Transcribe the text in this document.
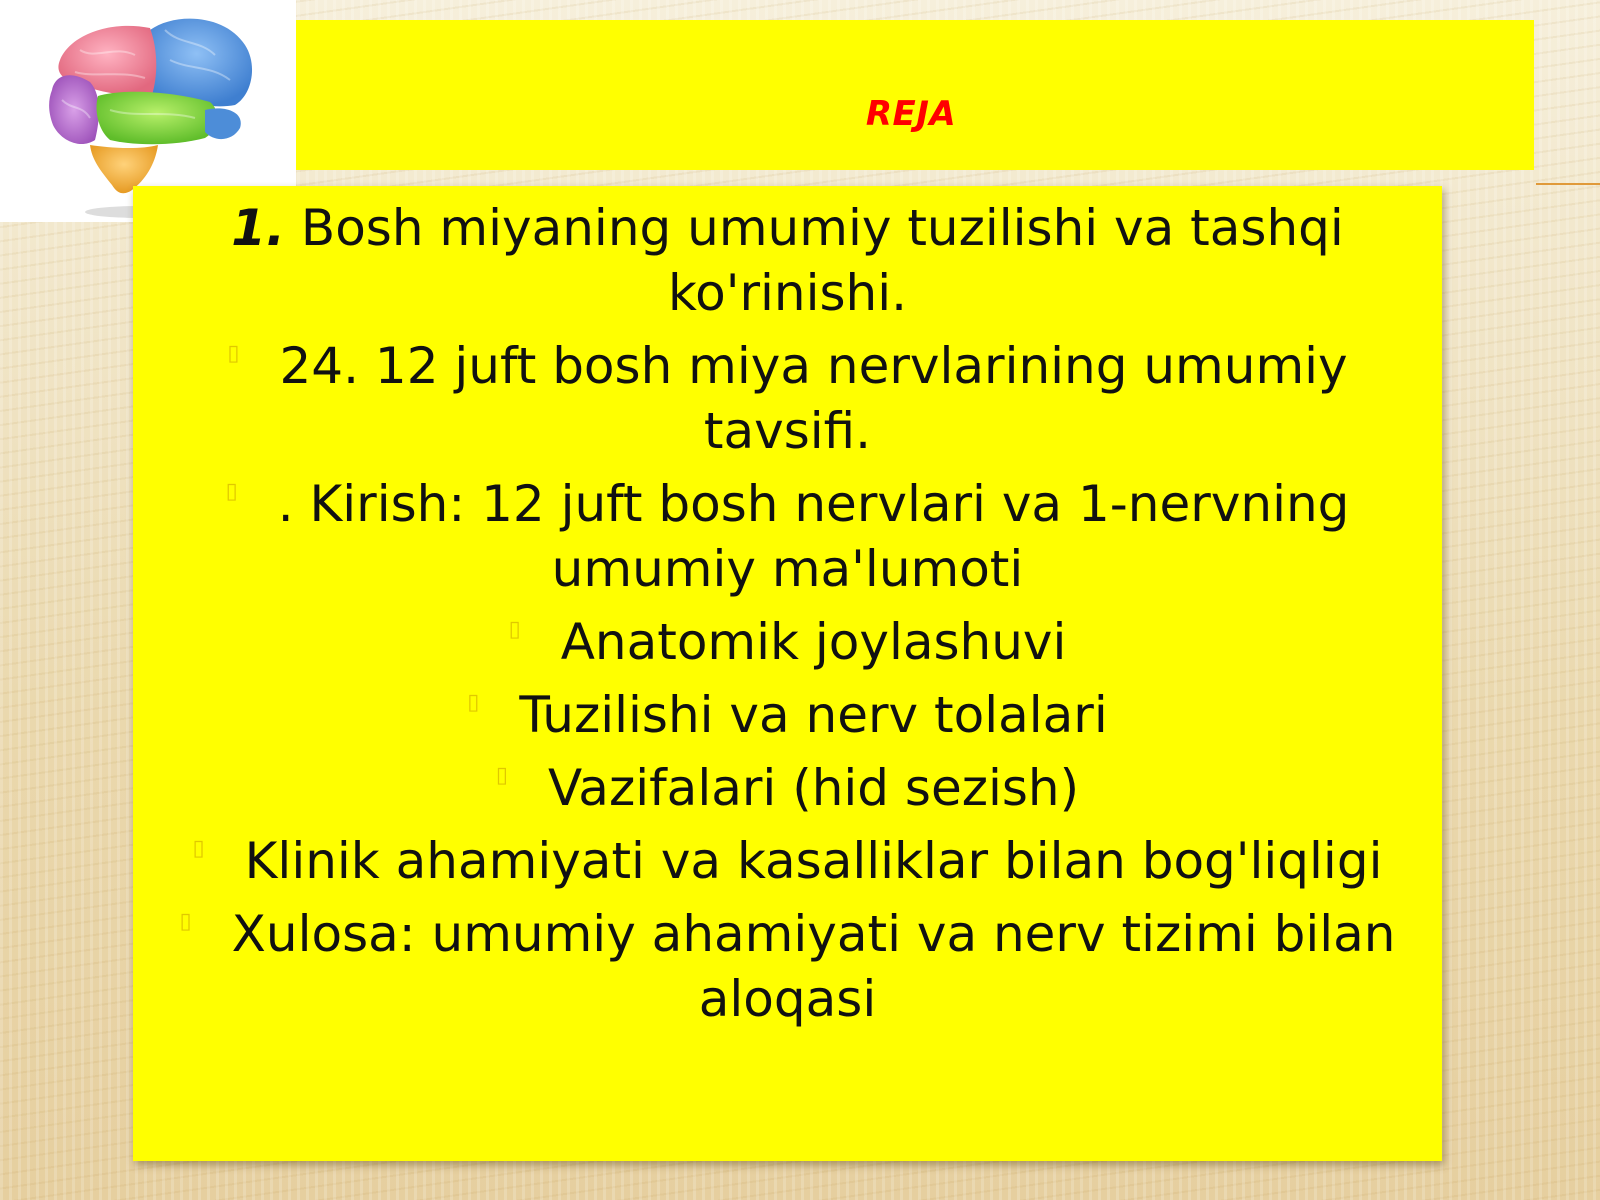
REJA
1. Bosh miyaning umumiy tuzilishi va tashqi ko'rinishi.
▯ 24. 12 juft bosh miya nervlarining umumiy tavsifi.
▯ . Kirish: 12 juft bosh nervlari va 1-nervning umumiy ma'lumoti
▯ Anatomik joylashuvi
▯ Tuzilishi va nerv tolalari
▯ Vazifalari (hid sezish)
▯ Klinik ahamiyati va kasalliklar bilan bog'liqligi
▯ Xulosa: umumiy ahamiyati va nerv tizimi bilan aloqasi
